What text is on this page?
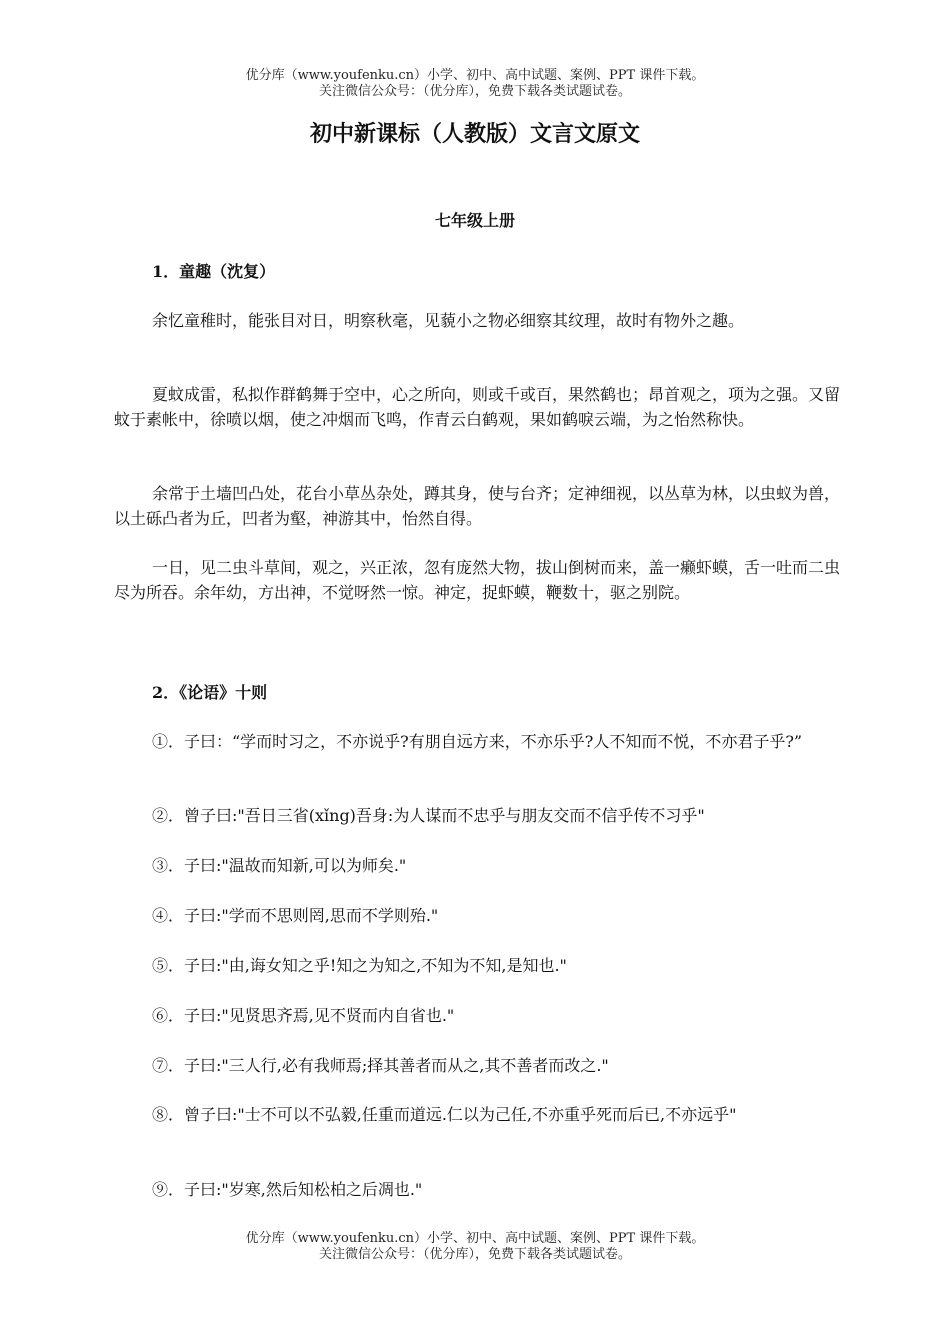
优分库（www.youfenku.cn）小学、初中、高中试题、案例、PPT 课件下载。
关注微信公众号：（优分库），免费下载各类试题试卷。
初中新课标（人教版）文言文原文
七年级上册
1．童趣（沈复）

余忆童稚时，能张目对日，明察秋毫，见藐小之物必细察其纹理，故时有物外之趣。

夏蚊成雷，私拟作群鹤舞于空中，心之所向，则或千或百，果然鹤也；昂首观之，项为之强。又留蚊于素帐中，徐喷以烟，使之冲烟而飞鸣，作青云白鹤观，果如鹤唳云端，为之怡然称快。

余常于土墙凹凸处，花台小草丛杂处，蹲其身，使与台齐；定神细视，以丛草为林，以虫蚁为兽，以土砾凸者为丘，凹者为壑，神游其中，怡然自得。

一日，见二虫斗草间，观之，兴正浓，忽有庞然大物，拔山倒树而来，盖一癞虾蟆，舌一吐而二虫尽为所吞。余年幼，方出神，不觉呀然一惊。神定，捉虾蟆，鞭数十，驱之别院。

2．《论语》十则

①．子曰：“学而时习之，不亦说乎?有朋自远方来，不亦乐乎?人不知而不悦，不亦君子乎?”

②．曾子曰:"吾日三省(xǐng)吾身:为人谋而不忠乎与朋友交而不信乎传不习乎"

③．子曰:"温故而知新,可以为师矣."

④．子曰:"学而不思则罔,思而不学则殆."

⑤．子曰:"由,诲女知之乎!知之为知之,不知为不知,是知也."

⑥．子曰:"见贤思齐焉,见不贤而内自省也."

⑦．子曰:"三人行,必有我师焉;择其善者而从之,其不善者而改之."

⑧．曾子曰:"士不可以不弘毅,任重而道远.仁以为己任,不亦重乎死而后已,不亦远乎"

⑨．子曰:"岁寒,然后知松柏之后凋也."

优分库（www.youfenku.cn）小学、初中、高中试题、案例、PPT 课件下载。
关注微信公众号：（优分库），免费下载各类试题试卷。
